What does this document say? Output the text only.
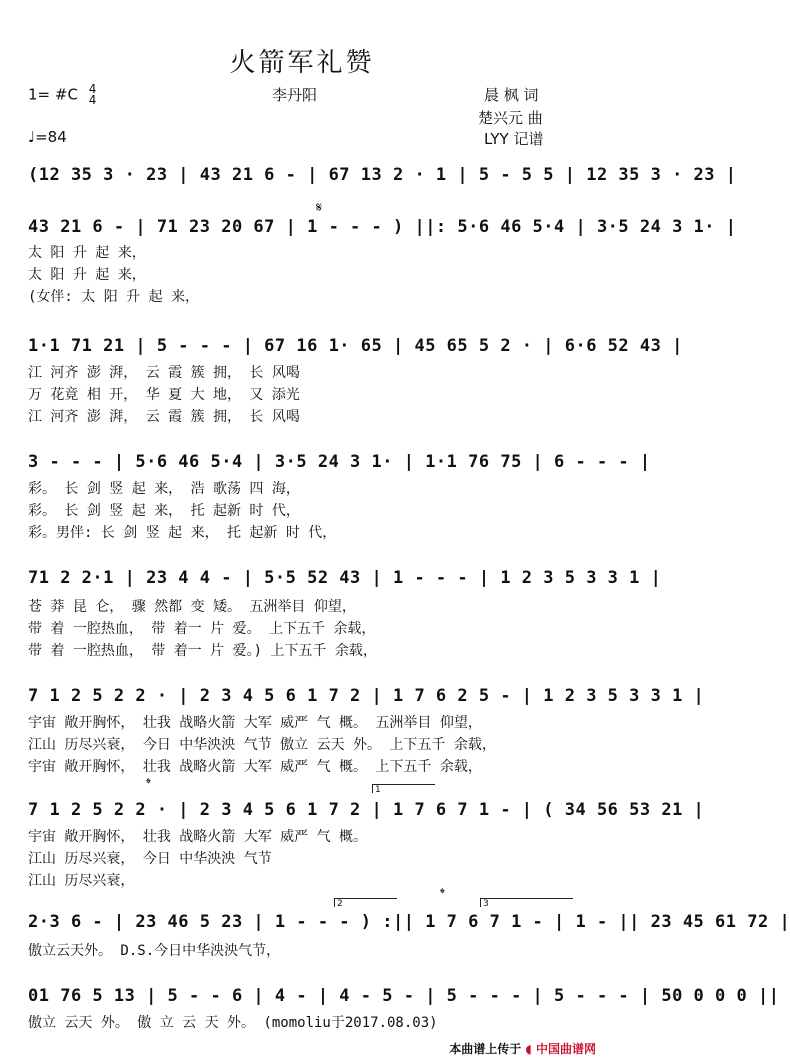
火箭军礼赞
1= #C 4
4	李丹阳	晨 枫 词
楚兴元 曲
♩=84	LYY 记谱
(12 35 3 · 23 | 43 21 6 - | 67 13 2 · 1 | 5 - 5 5 | 12 35 3 · 23 |
𝄋
43 21 6 - | 71 23 20 67 | 1 - - - ) ||: 5·6 46 5·4 | 3·5 24 3 1· |
太 阳 升 起 来，
太 阳 升 起 来，
(女伴: 太 阳 升 起 来，
1·1 71 21 | 5 - - - | 67 16 1· 65 | 45 65 5 2 · | 6·6 52 43 |
江 河齐 澎 湃， 云 霞 簇 拥， 长 风喝
万 花竟 相 开， 华 夏 大 地， 又 添光
江 河齐 澎 湃， 云 霞 簇 拥， 长 风喝
3 - - - | 5·6 46 5·4 | 3·5 24 3 1· | 1·1 76 75 | 6 - - - |
彩。 长 剑 竖 起 来， 浩 歌荡 四 海，
彩。 长 剑 竖 起 来， 托 起新 时 代，
彩。男伴: 长 剑 竖 起 来， 托 起新 时 代，
71 2 2·1 | 23 4 4 - | 5·5 52 43 | 1 - - - | 1 2 3 5 3 3 1 |
苍 莽 昆 仑， 骤 然都 变 矮。 五洲举目 仰望，
带 着 一腔热血， 带 着一 片 爱。 上下五千 余载，
带 着 一腔热血， 带 着一 片 爱。) 上下五千 余载，
7 1 2 5 2 2 · | 2 3 4 5 6 1 7 2 | 1 7 6 2 5 - | 1 2 3 5 3 3 1 |
宇宙 敞开胸怀， 壮我 战略火箭 大军 威严 气 概。 五洲举目 仰望，
江山 历尽兴衰， 今日 中华泱泱 气节 傲立 云天 外。 上下五千 余载，
宇宙 敞开胸怀， 壮我 战略火箭 大军 威严 气 概。 上下五千 余载，
𝄌	1
7 1 2 5 2 2 · | 2 3 4 5 6 1 7 2 | 1 7 6 7 1 - | ( 34 56 53 21 |
宇宙 敞开胸怀， 壮我 战略火箭 大军 威严 气 概。
江山 历尽兴衰， 今日 中华泱泱 气节
江山 历尽兴衰，
2
𝄌
3
2·3 6 - | 23 46 5 23 | 1 - - - ) :|| 1 7 6 7 1 - | 1 - || 23 45 61 72 |
傲立云天外。 D.S.今日中华泱泱气节，
01 76 5 13 | 5 - - 6 | 4 - | 4 - 5 - | 5 - - - | 5 - - - | 50 0 0 0 ||
傲立 云天 外。 傲 立 云 天 外。 (momoliu于2017.08.03)
本曲谱上传于 ◖ 中国曲谱网
